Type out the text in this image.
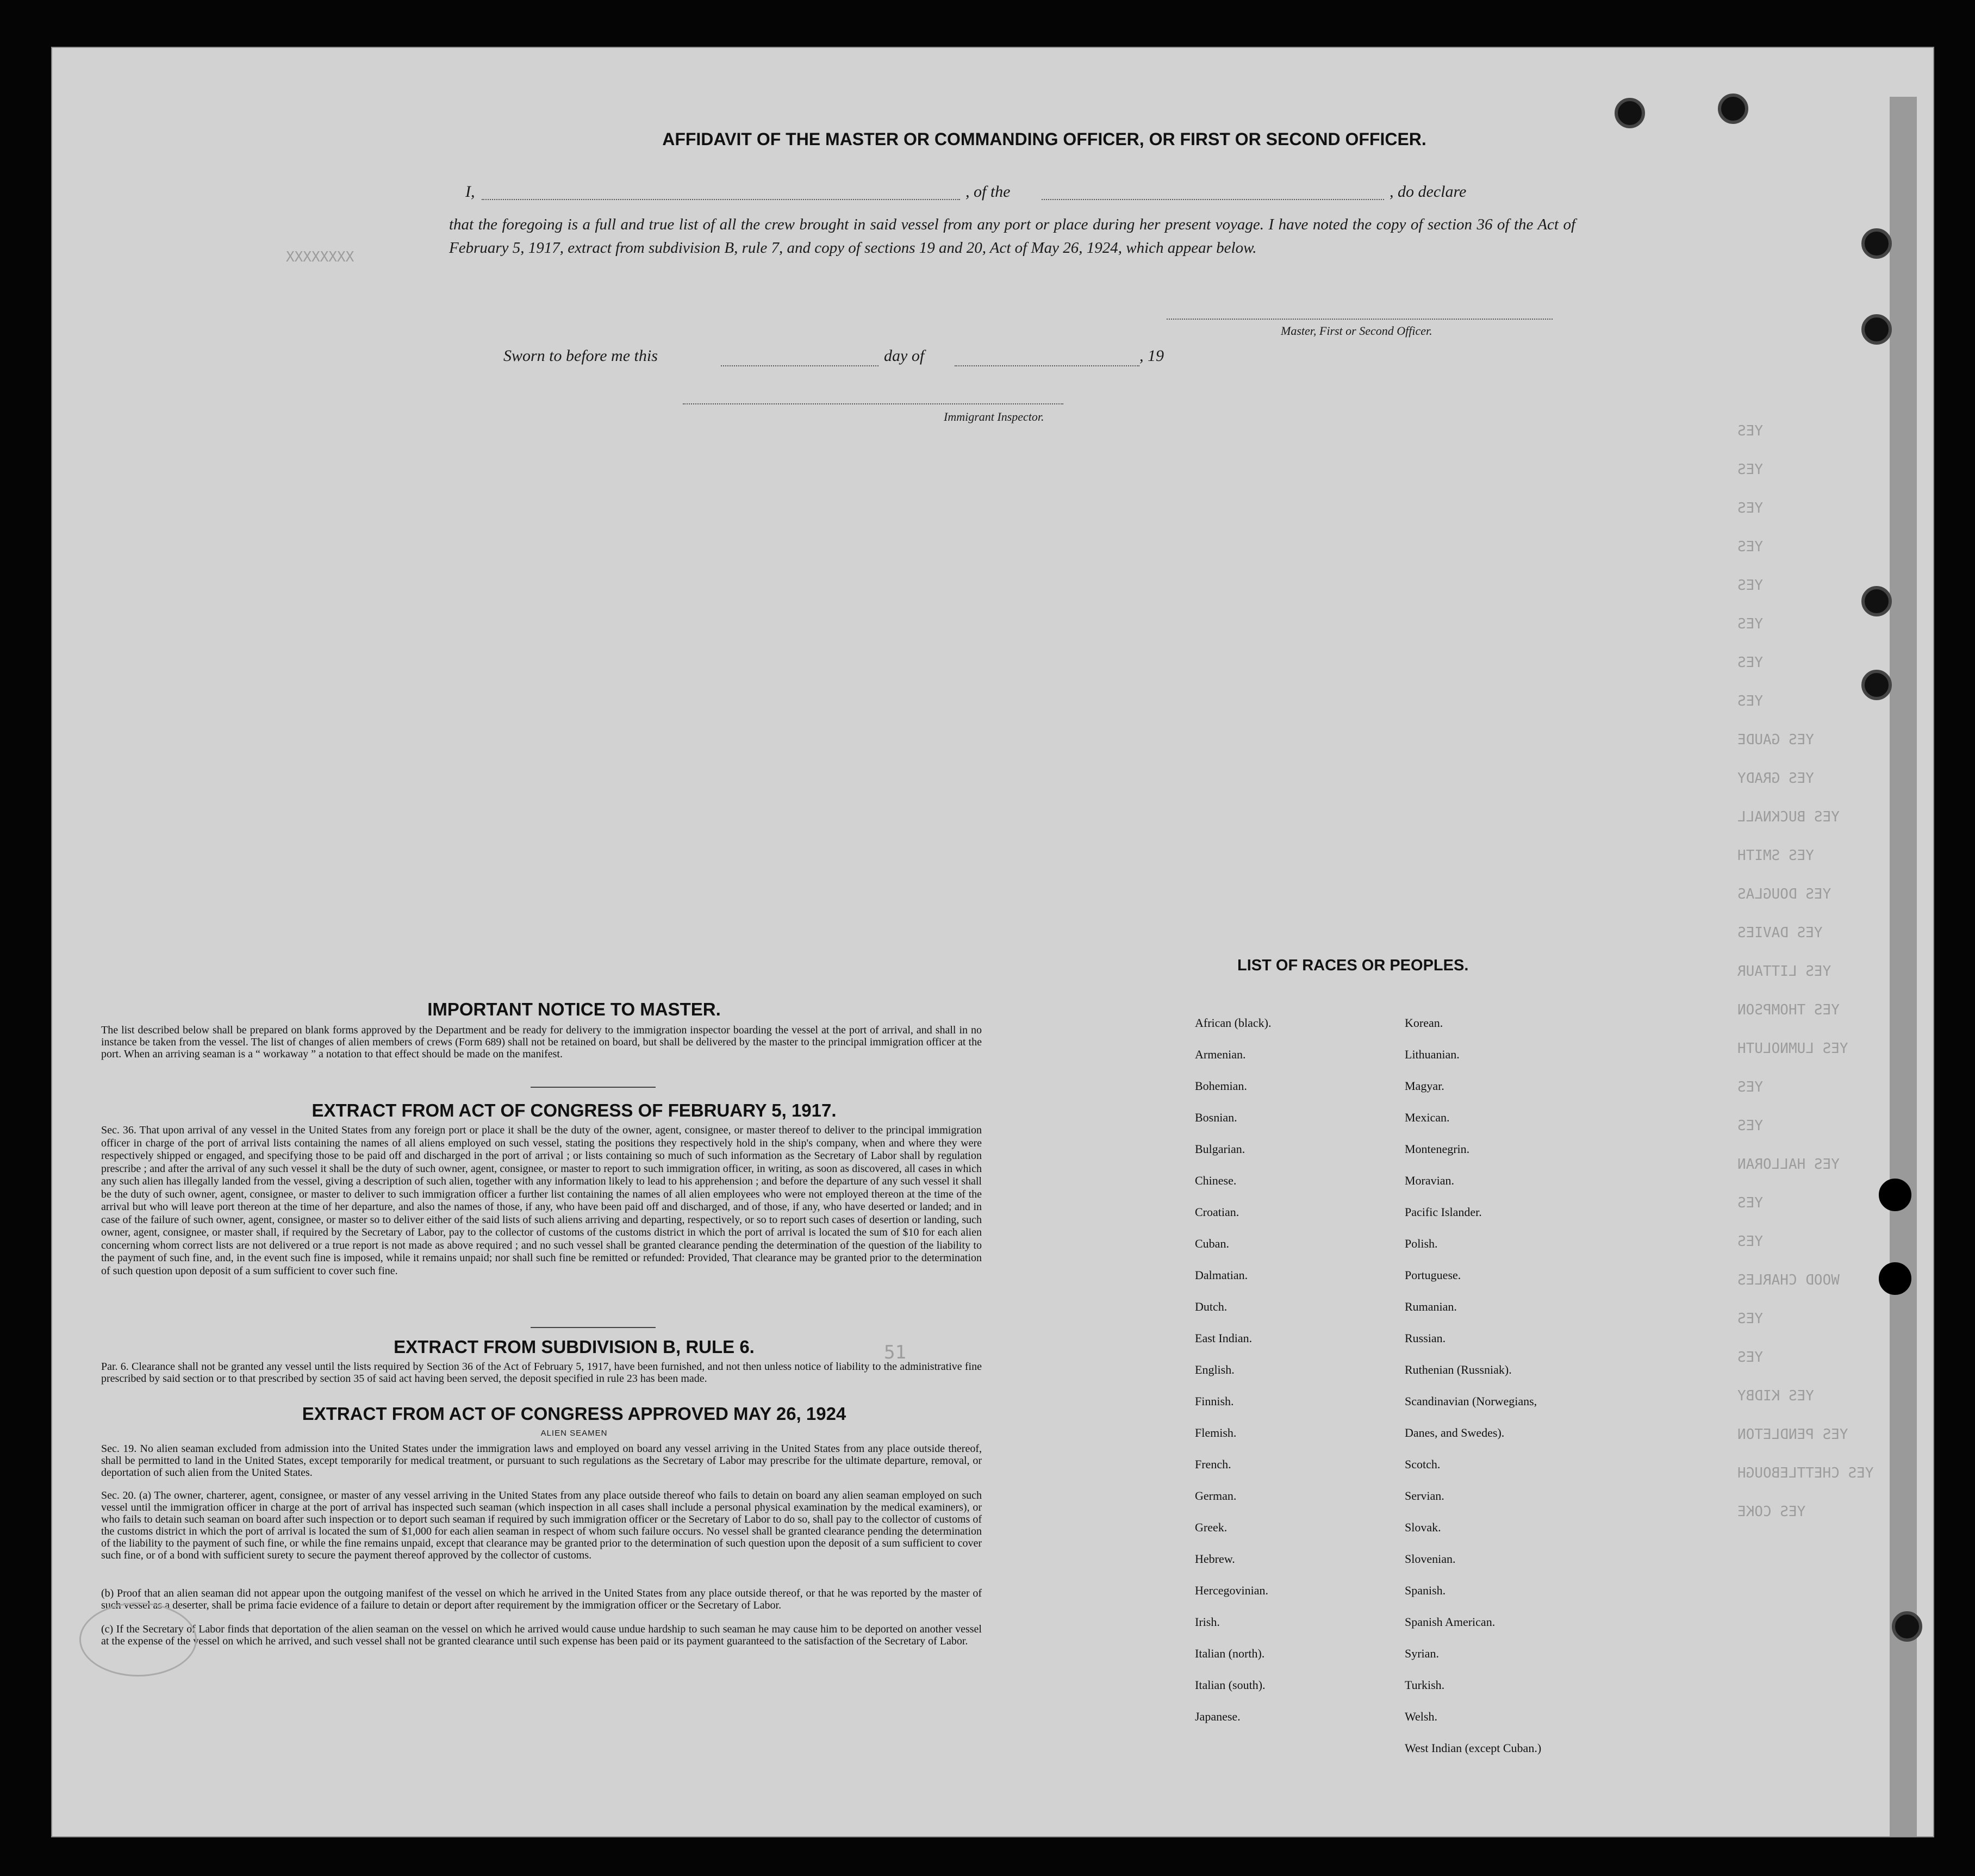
XXXXXXXX
51
YES
YES
YES
YES
YES
YES
YES
YES
YES GAUDE
YES GRADY
YES BUCKNALL
YES SMITH
YES DOUGLAS
YES DAVIES
YES LITTAUR
YES THOMPSON
YES LUMNOLUTH
YES
YES
YES HALLORAN
YES
YES
WOOD CHARLES
YES
YES
YES KIDBY
YES PENDLETON
YES CHETTLEBOUGH
YES COKE
AFFIDAVIT OF THE MASTER OR COMMANDING OFFICER, OR FIRST OR SECOND OFFICER.
I,	, of the	, do declare
that the foregoing is a full and true list of all the crew brought in said vessel from any port or place during her present voyage. I have noted the copy of section 36 of the Act of February 5, 1917, extract from subdivision B, rule 7, and copy of sections 19 and 20, Act of May 26, 1924, which appear below.
Master, First or Second Officer.
Sworn to before me this	day of	, 19
Immigrant Inspector.
IMPORTANT NOTICE TO MASTER.
The list described below shall be prepared on blank forms approved by the Department and be ready for delivery to the immigration inspector boarding the vessel at the port of arrival, and shall in no instance be taken from the vessel. The list of changes of alien members of crews (Form 689) shall not be retained on board, but shall be delivered by the master to the principal immigration officer at the port. When an arriving seaman is a “ workaway ” a notation to that effect should be made on the manifest.
EXTRACT FROM ACT OF CONGRESS OF FEBRUARY 5, 1917.
Sec. 36. That upon arrival of any vessel in the United States from any foreign port or place it shall be the duty of the owner, agent, consignee, or master thereof to deliver to the principal immigration officer in charge of the port of arrival lists containing the names of all aliens employed on such vessel, stating the positions they respectively hold in the ship's company, when and where they were respectively shipped or engaged, and specifying those to be paid off and discharged in the port of arrival ; or lists containing so much of such information as the Secretary of Labor shall by regulation prescribe ; and after the arrival of any such vessel it shall be the duty of such owner, agent, consignee, or master to report to such immigration officer, in writing, as soon as discovered, all cases in which any such alien has illegally landed from the vessel, giving a description of such alien, together with any information likely to lead to his apprehension ; and before the departure of any such vessel it shall be the duty of such owner, agent, consignee, or master to deliver to such immigration officer a further list containing the names of all alien employees who were not employed thereon at the time of the arrival but who will leave port thereon at the time of her departure, and also the names of those, if any, who have been paid off and discharged, and of those, if any, who have deserted or landed; and in case of the failure of such owner, agent, consignee, or master so to deliver either of the said lists of such aliens arriving and departing, respectively, or so to report such cases of desertion or landing, such owner, agent, consignee, or master shall, if required by the Secretary of Labor, pay to the collector of customs of the customs district in which the port of arrival is located the sum of $10 for each alien concerning whom correct lists are not delivered or a true report is not made as above required ; and no such vessel shall be granted clearance pending the determination of the question of the liability to the payment of such fine, and, in the event such fine is imposed, while it remains unpaid; nor shall such fine be remitted or refunded: Provided, That clearance may be granted prior to the determination of such question upon deposit of a sum sufficient to cover such fine.
EXTRACT FROM SUBDIVISION B, RULE 6.
Par. 6. Clearance shall not be granted any vessel until the lists required by Section 36 of the Act of February 5, 1917, have been furnished, and not then unless notice of liability to the administrative fine prescribed by said section or to that prescribed by section 35 of said act having been served, the deposit specified in rule 23 has been made.
EXTRACT FROM ACT OF CONGRESS APPROVED MAY 26, 1924
ALIEN SEAMEN
Sec. 19. No alien seaman excluded from admission into the United States under the immigration laws and employed on board any vessel arriving in the United States from any place outside thereof, shall be permitted to land in the United States, except temporarily for medical treatment, or pursuant to such regulations as the Secretary of Labor may prescribe for the ultimate departure, removal, or deportation of such alien from the United States.
Sec. 20. (a) The owner, charterer, agent, consignee, or master of any vessel arriving in the United States from any place outside thereof who fails to detain on board any alien seaman employed on such vessel until the immigration officer in charge at the port of arrival has inspected such seaman (which inspection in all cases shall include a personal physical examination by the medical examiners), or who fails to detain such seaman on board after such inspection or to deport such seaman if required by such immigration officer or the Secretary of Labor to do so, shall pay to the collector of customs of the customs district in which the port of arrival is located the sum of $1,000 for each alien seaman in respect of whom such failure occurs. No vessel shall be granted clearance pending the determination of the liability to the payment of such fine, or while the fine remains unpaid, except that clearance may be granted prior to the determination of such question upon the deposit of a sum sufficient to cover such fine, or of a bond with sufficient surety to secure the payment thereof approved by the collector of customs.
(b) Proof that an alien seaman did not appear upon the outgoing manifest of the vessel on which he arrived in the United States from any place outside thereof, or that he was reported by the master of such vessel as a deserter, shall be prima facie evidence of a failure to detain or deport after requirement by the immigration officer or the Secretary of Labor.
(c) If the Secretary of Labor finds that deportation of the alien seaman on the vessel on which he arrived would cause undue hardship to such seaman he may cause him to be deported on another vessel at the expense of the vessel on which he arrived, and such vessel shall not be granted clearance until such expense has been paid or its payment guaranteed to the satisfaction of the Secretary of Labor.
LIST OF RACES OR PEOPLES.
African (black).
Armenian.
Bohemian.
Bosnian.
Bulgarian.
Chinese.
Croatian.
Cuban.
Dalmatian.
Dutch.
East Indian.
English.
Finnish.
Flemish.
French.
German.
Greek.
Hebrew.
Hercegovinian.
Irish.
Italian (north).
Italian (south).
Japanese.
Korean.
Lithuanian.
Magyar.
Mexican.
Montenegrin.
Moravian.
Pacific Islander.
Polish.
Portuguese.
Rumanian.
Russian.
Ruthenian (Russniak).
Scandinavian (Norwegians,
Danes, and Swedes).
Scotch.
Servian.
Slovak.
Slovenian.
Spanish.
Spanish American.
Syrian.
Turkish.
Welsh.
West Indian (except Cuban.)
